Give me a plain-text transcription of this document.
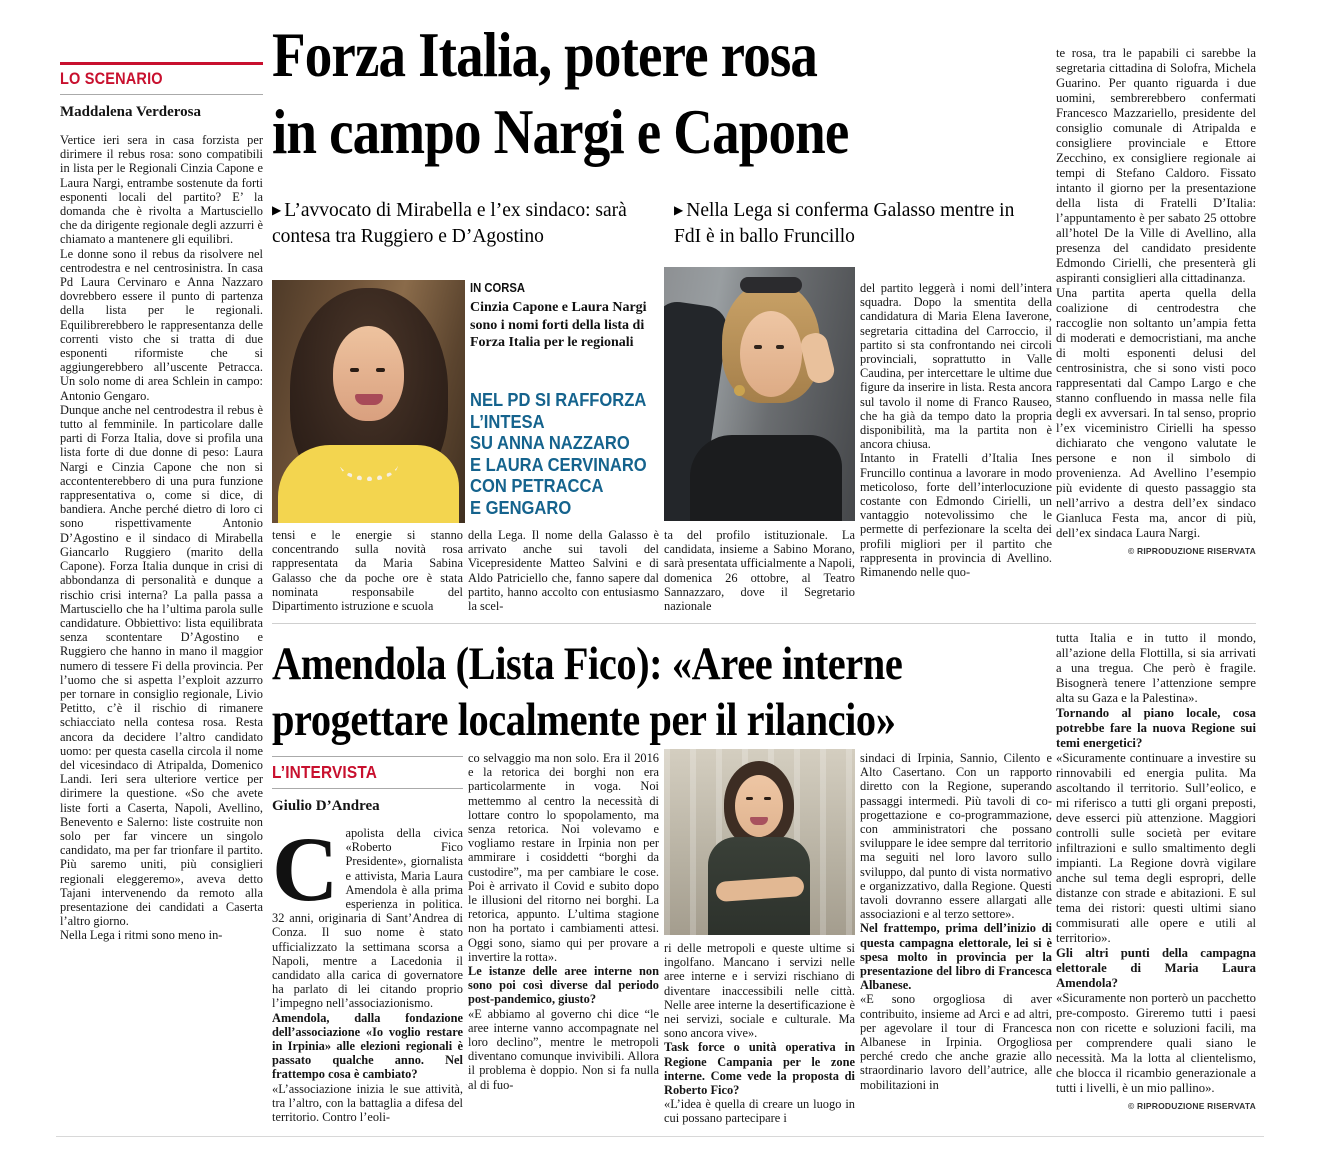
LO SCENARIO
Maddalena Verderosa

Vertice ieri sera in casa forzista per dirimere il rebus rosa: sono compatibili in lista per le Regionali Cinzia Capone e Laura Nargi, entrambe sostenute da forti esponenti locali del partito? E’ la domanda che è rivolta a Martusciello che da dirigente regionale degli azzurri è chiamato a mantenere gli equilibri.

Le donne sono il rebus da risolvere nel centrodestra e nel centrosinistra. In casa Pd Laura Cervinaro e Anna Nazzaro dovrebbero essere il punto di partenza della lista per le regionali. Equilibrerebbero le rappresentanza delle correnti visto che si tratta di due esponenti riformiste che si aggiungerebbero all’uscente Petracca. Un solo nome di area Schlein in campo: Antonio Gengaro.

Dunque anche nel centrodestra il rebus è tutto al femminile. In particolare dalle parti di Forza Italia, dove si profila una lista forte di due donne di peso: Laura Nargi e Cinzia Capone che non si accontenterebbero di una pura funzione rappresentativa o, come si dice, di bandiera. Anche perché dietro di loro ci sono rispettivamente Antonio D’Agostino e il sindaco di Mirabella Giancarlo Ruggiero (marito della Capone). Forza Italia dunque in crisi di abbondanza di personalità e dunque a rischio crisi interna? La palla passa a Martusciello che ha l’ultima parola sulle candidature. Obbiettivo: lista equilibrata senza scontentare D’Agostino e Ruggiero che hanno in mano il maggior numero di tessere Fi della provincia. Per l’uomo che si aspetta l’exploit azzurro per tornare in consiglio regionale, Livio Petitto, c’è il rischio di rimanere schiacciato nella contesa rosa. Resta ancora da decidere l’altro candidato uomo: per questa casella circola il nome del vicesindaco di Atripalda, Domenico Landi. Ieri sera ulteriore vertice per dirimere la questione. «So che avete liste forti a Caserta, Napoli, Avellino, Benevento e Salerno: liste costruite non solo per far vincere un singolo candidato, ma per far trionfare il partito. Più saremo uniti, più consiglieri regionali eleggeremo», aveva detto Tajani intervenendo da remoto alla presentazione dei candidati a Caserta l’altro giorno.

Nella Lega i ritmi sono meno in-

Forza Italia, potere rosa
in campo Nargi e Capone

▶ L’avvocato di Mirabella e l’ex sindaco: sarà contesa tra Ruggiero e D’Agostino

▶ Nella Lega si conferma Galasso mentre in FdI è in ballo Fruncillo

IN CORSA

Cinzia Capone e Laura Nargi sono i nomi forti della lista di Forza Italia per le regionali

NEL PD SI RAFFORZA
L’INTESA
SU ANNA NAZZARO
E LAURA CERVINARO
CON PETRACCA
E GENGARO

tensi e le energie si stanno concentrando sulla novità rosa rappresentata da Maria Sabina Galasso che da poche ore è stata nominata responsabile del Dipartimento istruzione e scuola

della Lega. Il nome della Galasso è arrivato anche sui tavoli del Vicepresidente Matteo Salvini e di Aldo Patriciello che, fanno sapere dal partito, hanno accolto con entusiasmo la scel-

ta del profilo istituzionale. La candidata, insieme a Sabino Morano, sarà presentata ufficialmente a Napoli, domenica 26 ottobre, al Teatro Sannazzaro, dove il Segretario nazionale

del partito leggerà i nomi dell’intera squadra. Dopo la smentita della candidatura di Maria Elena Iaverone, segretaria cittadina del Carroccio, il partito si sta confrontando nei circoli provinciali, soprattutto in Valle Caudina, per intercettare le ultime due figure da inserire in lista. Resta ancora sul tavolo il nome di Franco Rauseo, che ha già da tempo dato la propria disponibilità, ma la partita non è ancora chiusa.

Intanto in Fratelli d’Italia Ines Fruncillo continua a lavorare in modo meticoloso, forte dell’interlocuzione costante con Edmondo Cirielli, un vantaggio notevolissimo che le permette di perfezionare la scelta dei profili migliori per il partito che rappresenta in provincia di Avellino. Rimanendo nelle quo-

te rosa, tra le papabili ci sarebbe la segretaria cittadina di Solofra, Michela Guarino. Per quanto riguarda i due uomini, sembrerebbero confermati Francesco Mazzariello, presidente del consiglio comunale di Atripalda e consigliere provinciale e Ettore Zecchino, ex consigliere regionale ai tempi di Stefano Caldoro. Fissato intanto il giorno per la presentazione della lista di Fratelli D’Italia: l’appuntamento è per sabato 25 ottobre all’hotel De la Ville di Avellino, alla presenza del candidato presidente Edmondo Cirielli, che presenterà gli aspiranti consiglieri alla cittadinanza.

Una partita aperta quella della coalizione di centrodestra che raccoglie non soltanto un’ampia fetta di moderati e democristiani, ma anche di molti esponenti delusi del centrosinistra, che si sono visti poco rappresentati dal Campo Largo e che stanno confluendo in massa nelle fila degli ex avversari. In tal senso, proprio l’ex viceministro Cirielli ha spesso dichiarato che vengono valutate le persone e non il simbolo di provenienza. Ad Avellino l’esempio più evidente di questo passaggio sta nell’arrivo a destra dell’ex sindaco Gianluca Festa ma, ancor di più, dell’ex sindaca Laura Nargi.

© RIPRODUZIONE RISERVATA
Amendola (Lista Fico): «Aree interne
progettare localmente per il rilancio»
L’INTERVISTA
Giulio D’Andrea

Capolista della civica «Roberto Fico Presidente», giornalista e attivista, Maria Laura Amendola è alla prima esperienza in politica. 32 anni, originaria di Sant’Andrea di Conza. Il suo nome è stato ufficializzato la settimana scorsa a Napoli, mentre a Lacedonia il candidato alla carica di governatore ha parlato di lei citando proprio l’impegno nell’associazionismo.

Amendola, dalla fondazione dell’associazione «Io voglio restare in Irpinia» alle elezioni regionali è passato qualche anno. Nel frattempo cosa è cambiato?

«L’associazione inizia le sue attività, tra l’altro, con la battaglia a difesa del territorio. Contro l’eoli-

co selvaggio ma non solo. Era il 2016 e la retorica dei borghi non era particolarmente in voga. Noi mettemmo al centro la necessità di lottare contro lo spopolamento, ma senza retorica. Noi volevamo e vogliamo restare in Irpinia non per ammirare i cosiddetti “borghi da custodire”, ma per cambiare le cose. Poi è arrivato il Covid e subito dopo le illusioni del ritorno nei borghi. La retorica, appunto. L’ultima stagione non ha portato i cambiamenti attesi. Oggi sono, siamo qui per provare a invertire la rotta».

Le istanze delle aree interne non sono poi così diverse dal periodo post-pandemico, giusto?

«E abbiamo al governo chi dice “le aree interne vanno accompagnate nel loro declino”, mentre le metropoli diventano comunque invivibili. Allora il problema è doppio. Non si fa nulla al di fuo-

ri delle metropoli e queste ultime si ingolfano. Mancano i servizi nelle aree interne e i servizi rischiano di diventare inaccessibili nelle città. Nelle aree interne la desertificazione è nei servizi, sociale e culturale. Ma sono ancora vive».

Task force o unità operativa in Regione Campania per le zone interne. Come vede la proposta di Roberto Fico?

«L’idea è quella di creare un luogo in cui possano partecipare i

sindaci di Irpinia, Sannio, Cilento e Alto Casertano. Con un rapporto diretto con la Regione, superando passaggi intermedi. Più tavoli di co-progettazione e co-programmazione, con amministratori che possano sviluppare le idee sempre dal territorio ma seguiti nel loro lavoro sullo sviluppo, dal punto di vista normativo e organizzativo, dalla Regione. Questi tavoli dovranno essere allargati alle associazioni e al terzo settore».

Nel frattempo, prima dell’inizio di questa campagna elettorale, lei si è spesa molto in provincia per la presentazione del libro di Francesca Albanese.

«E sono orgogliosa di aver contribuito, insieme ad Arci e ad altri, per agevolare il tour di Francesca Albanese in Irpinia. Orgogliosa perché credo che anche grazie allo straordinario lavoro dell’autrice, alle mobilitazioni in

tutta Italia e in tutto il mondo, all’azione della Flottilla, si sia arrivati a una tregua. Che però è fragile. Bisognerà tenere l’attenzione sempre alta su Gaza e la Palestina».

Tornando al piano locale, cosa potrebbe fare la nuova Regione sui temi energetici?

«Sicuramente continuare a investire su rinnovabili ed energia pulita. Ma ascoltando il territorio. Sull’eolico, e mi riferisco a tutti gli organi preposti, deve esserci più attenzione. Maggiori controlli sulle società per evitare infiltrazioni e sullo smaltimento degli impianti. La Regione dovrà vigilare anche sul tema degli espropri, delle distanze con strade e abitazioni. E sul tema dei ristori: questi ultimi siano commisurati alle opere e utili al territorio».

Gli altri punti della campagna elettorale di Maria Laura Amendola?

«Sicuramente non porterò un pacchetto pre-composto. Gireremo tutti i paesi non con ricette e soluzioni facili, ma per comprendere quali siano le necessità. Ma la lotta al clientelismo, che blocca il ricambio generazionale a tutti i livelli, è un mio pallino».

© RIPRODUZIONE RISERVATA
